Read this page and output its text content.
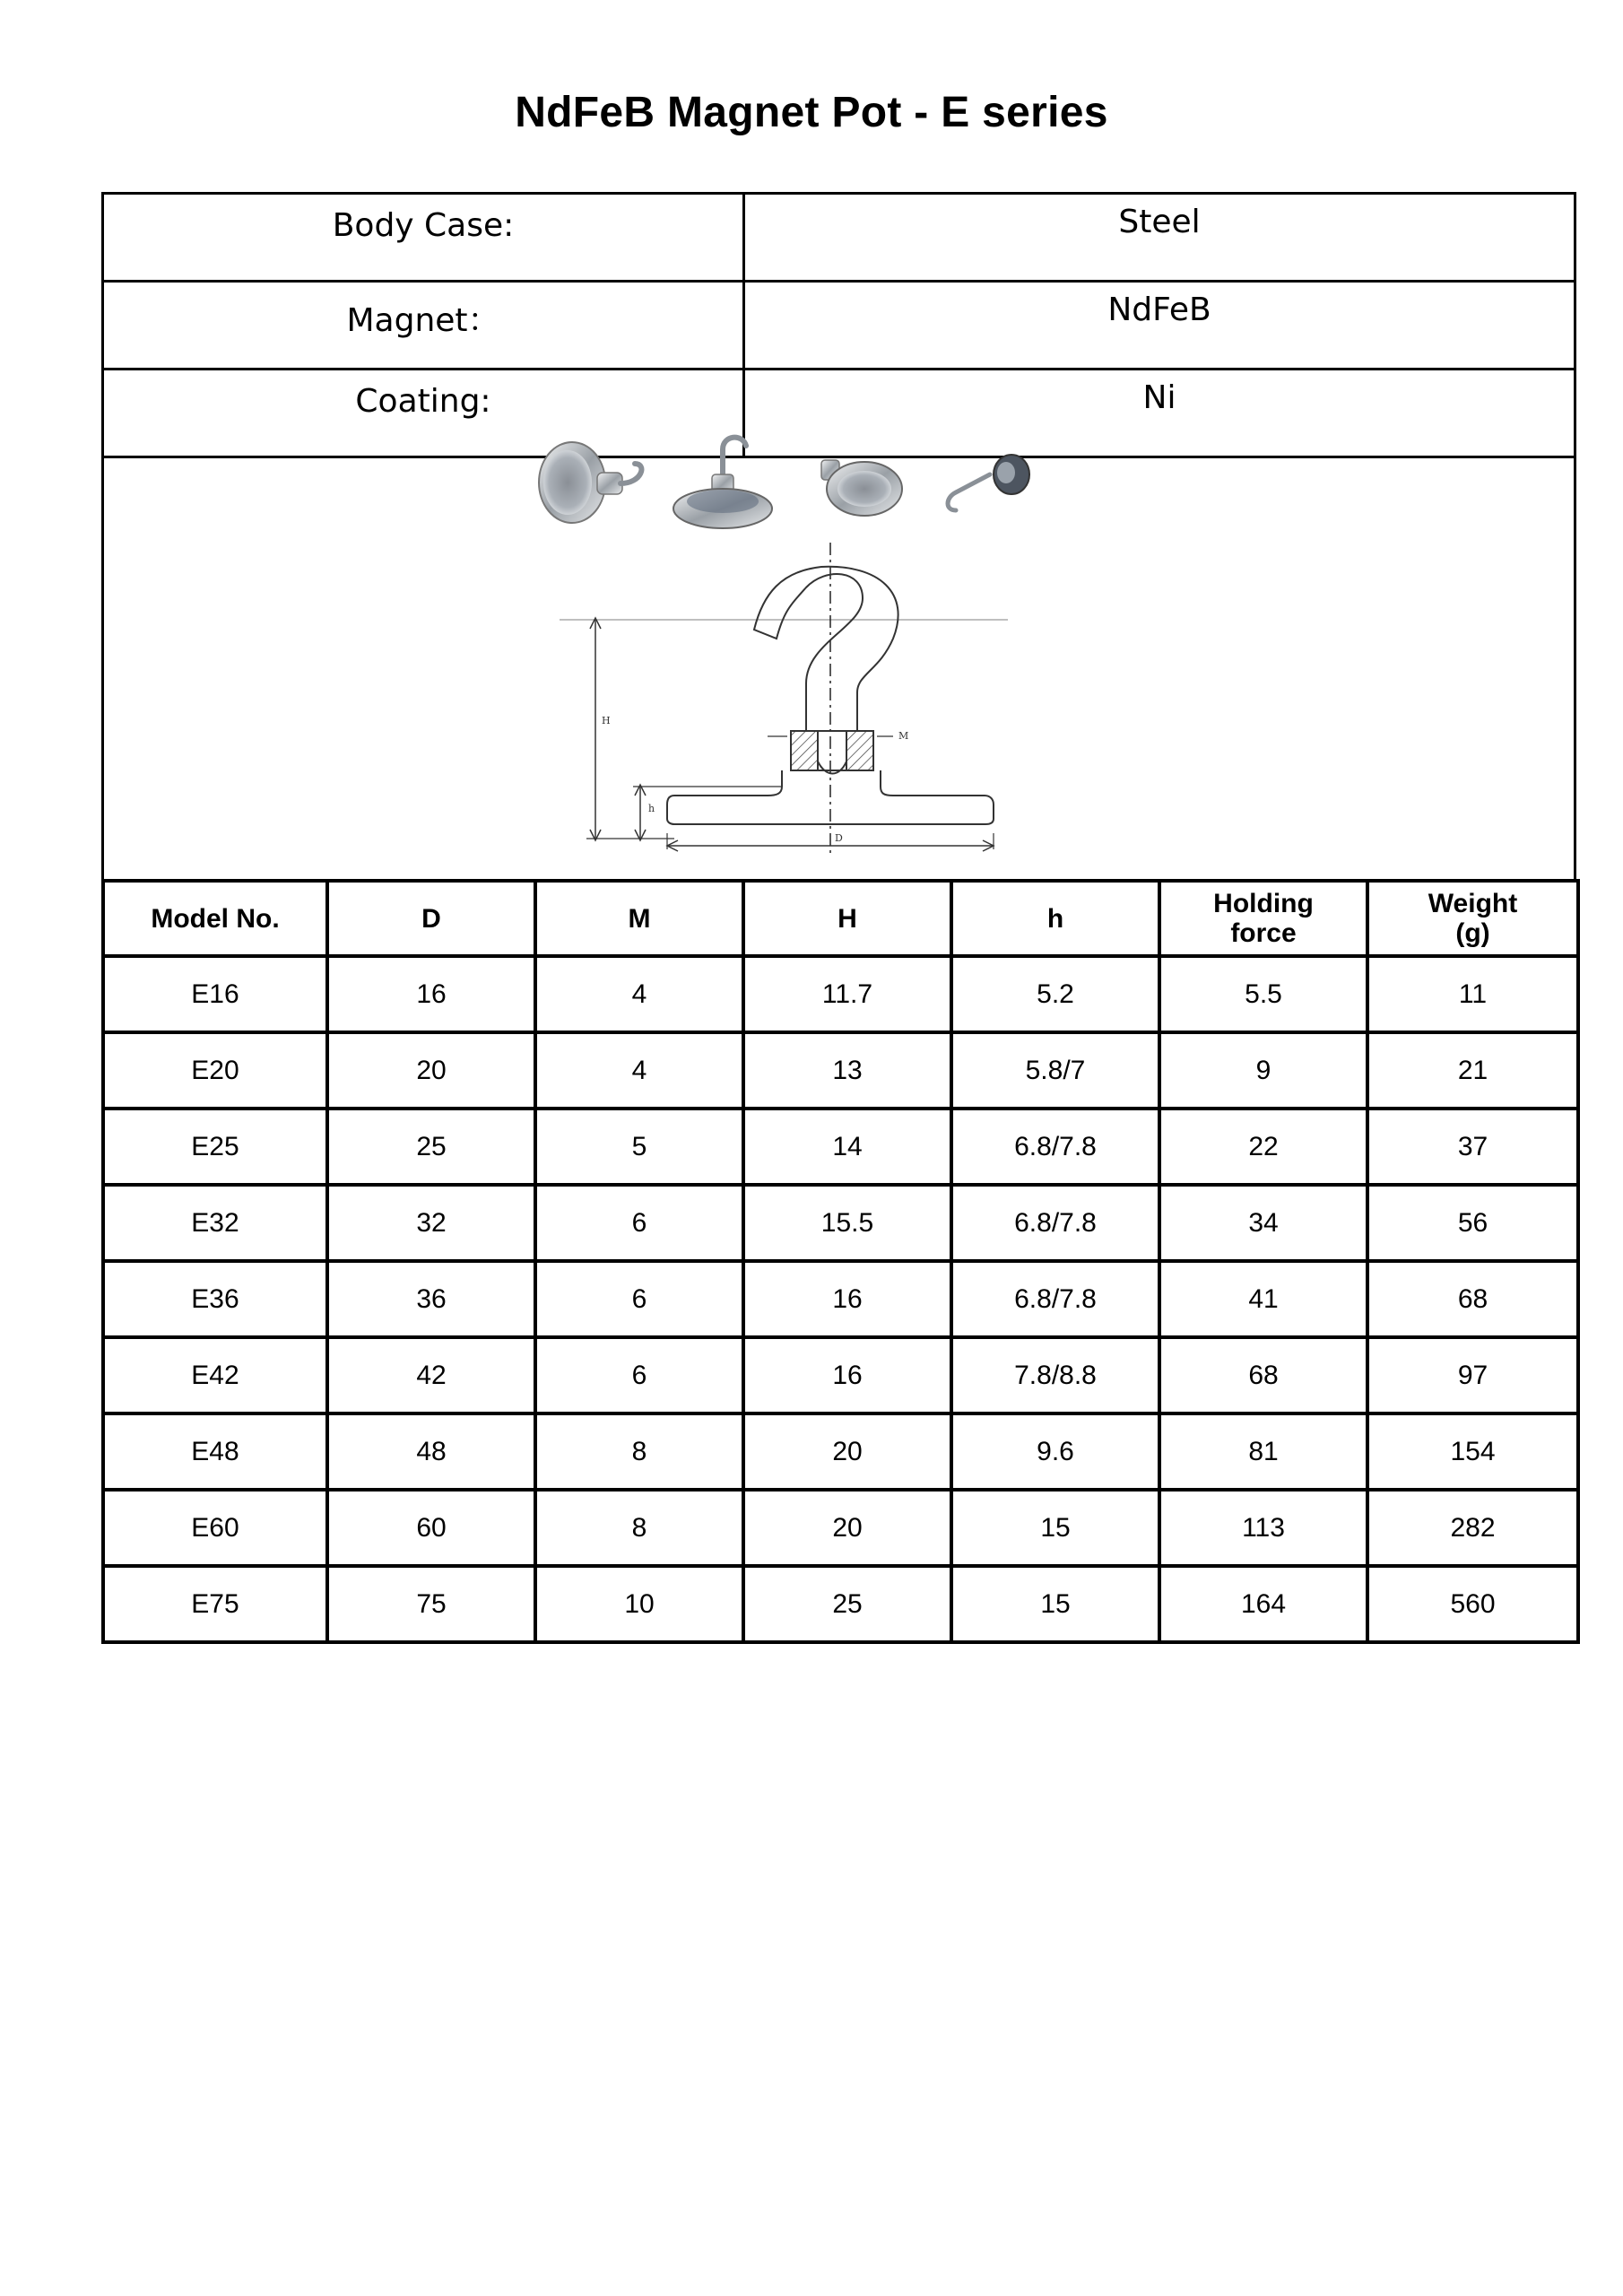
NdFeB Magnet Pot - E series
Body Case:	Steel
Magnet：	NdFeB
Coating:	Ni
H
h
M
D
Model No.	D	M	H	h	Holding force	Weight (g)
E16	16	4	11.7	5.2	5.5	11
E20	20	4	13	5.8/7	9	21
E25	25	5	14	6.8/7.8	22	37
E32	32	6	15.5	6.8/7.8	34	56
E36	36	6	16	6.8/7.8	41	68
E42	42	6	16	7.8/8.8	68	97
E48	48	8	20	9.6	81	154
E60	60	8	20	15	113	282
E75	75	10	25	15	164	560
